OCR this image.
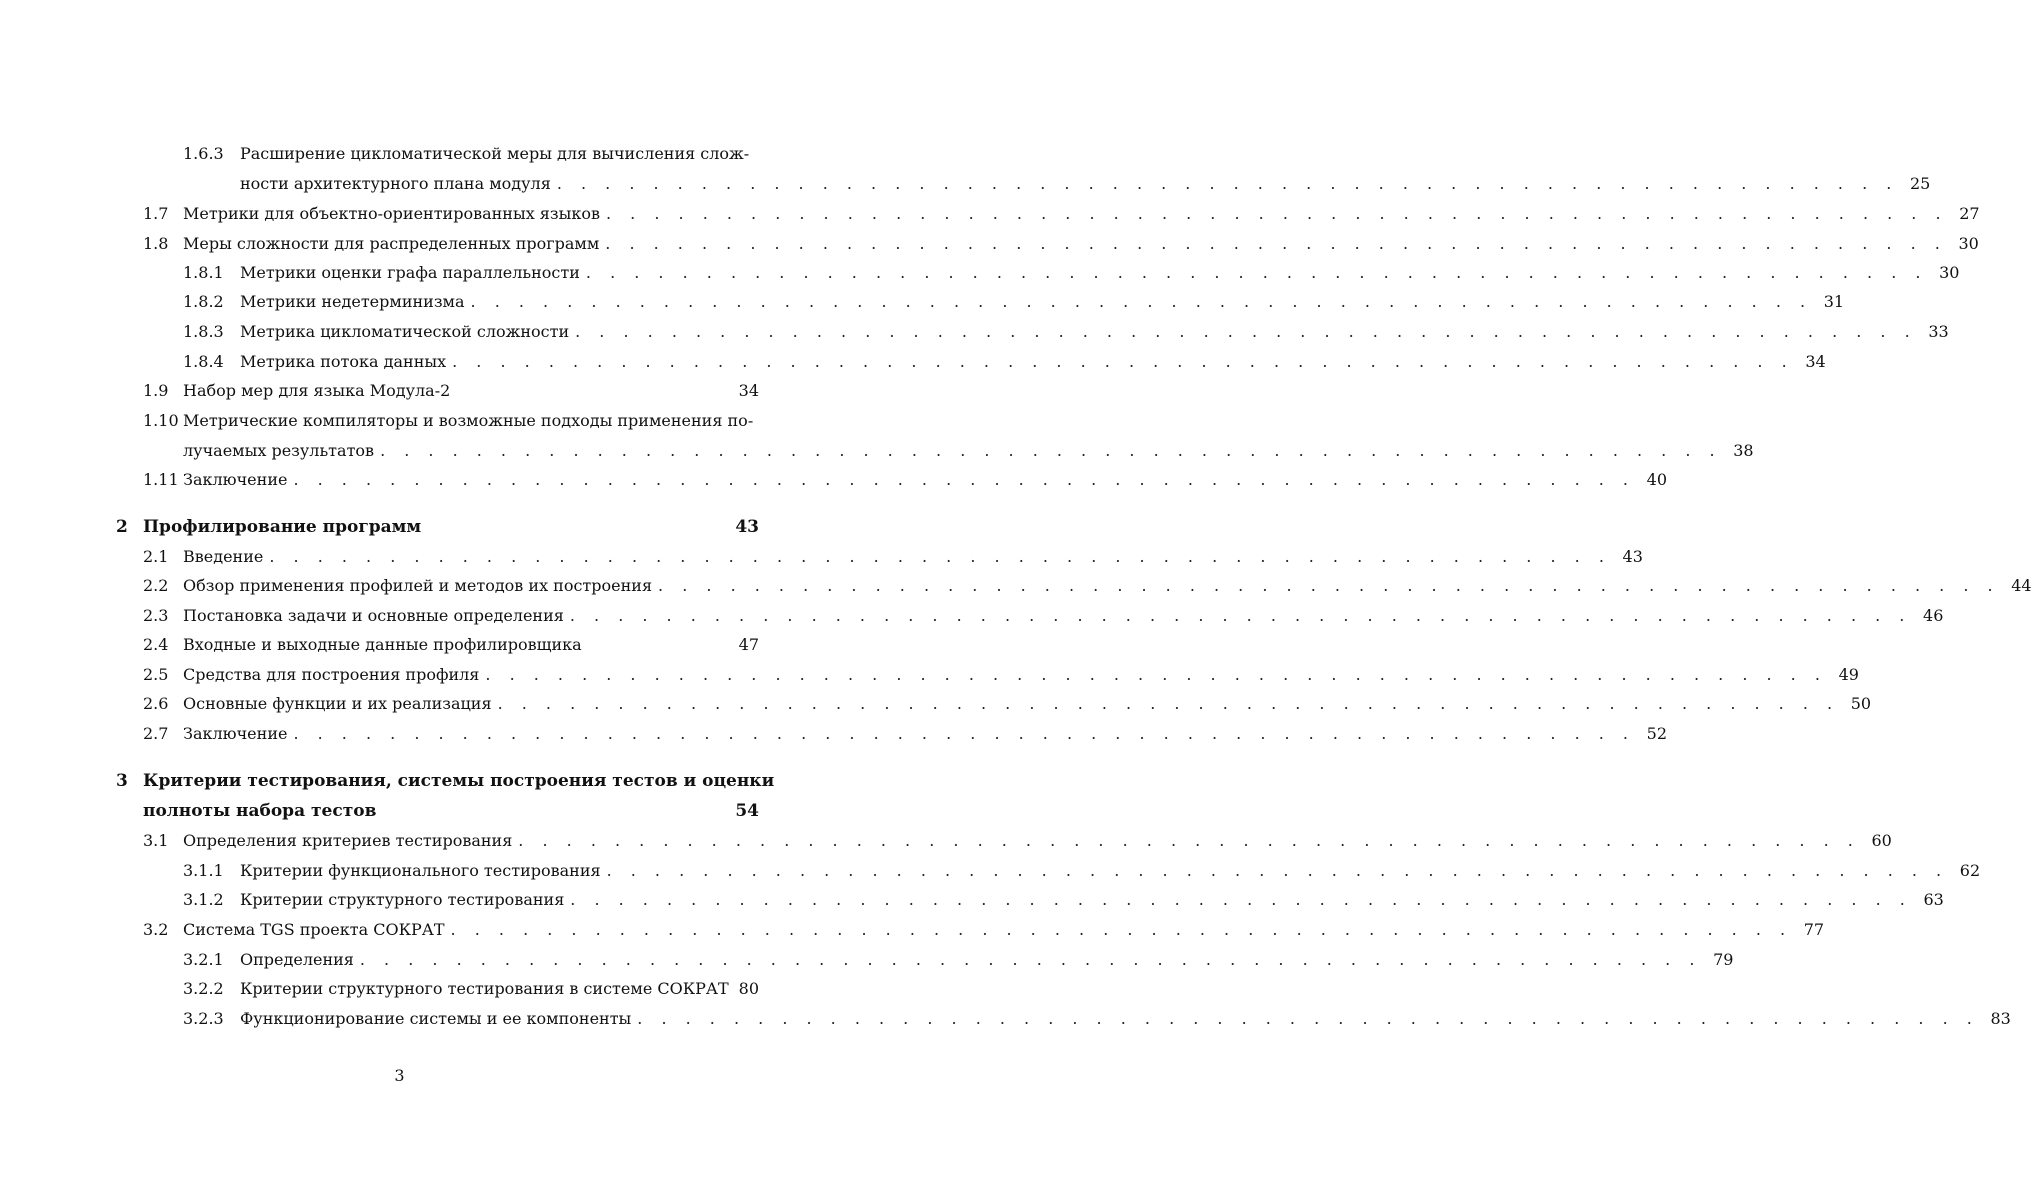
1.6.3 Расширение цикломатической меры для вычисления слож-
ности архитектурного плана модуля . . . . . . . . . . . . . . . . . . . . . . . . . . . . . . . . . . . . . . . . . . . . . . . . . . . . . . . . 25
1.7 Метрики для объектно-ориентированных языков . . . . . . . . . . . . . . . . . . . . . . . . . . . . . . . . . . . . . . . . . . . . . . . . . . . . . . . . 27
1.8 Меры сложности для распределенных программ . . . . . . . . . . . . . . . . . . . . . . . . . . . . . . . . . . . . . . . . . . . . . . . . . . . . . . . . 30
1.8.1 Метрики оценки графа параллельности . . . . . . . . . . . . . . . . . . . . . . . . . . . . . . . . . . . . . . . . . . . . . . . . . . . . . . . . 30
1.8.2 Метрики недетерминизма . . . . . . . . . . . . . . . . . . . . . . . . . . . . . . . . . . . . . . . . . . . . . . . . . . . . . . . . 31
1.8.3 Метрика цикломатической сложности . . . . . . . . . . . . . . . . . . . . . . . . . . . . . . . . . . . . . . . . . . . . . . . . . . . . . . . . 33
1.8.4 Метрика потока данных . . . . . . . . . . . . . . . . . . . . . . . . . . . . . . . . . . . . . . . . . . . . . . . . . . . . . . . . 34
1.9 Набор мер для языка Модула-2	34
1.10 Метрические компиляторы и возможные подходы применения по-
лучаемых результатов . . . . . . . . . . . . . . . . . . . . . . . . . . . . . . . . . . . . . . . . . . . . . . . . . . . . . . . . 38
1.11 Заключение . . . . . . . . . . . . . . . . . . . . . . . . . . . . . . . . . . . . . . . . . . . . . . . . . . . . . . . . 40
2 Профилирование программ	43
2.1 Введение . . . . . . . . . . . . . . . . . . . . . . . . . . . . . . . . . . . . . . . . . . . . . . . . . . . . . . . . 43
2.2 Обзор применения профилей и методов их построения . . . . . . . . . . . . . . . . . . . . . . . . . . . . . . . . . . . . . . . . . . . . . . . . . . . . . . . . 44
2.3 Постановка задачи и основные определения . . . . . . . . . . . . . . . . . . . . . . . . . . . . . . . . . . . . . . . . . . . . . . . . . . . . . . . . 46
2.4 Входные и выходные данные профилировщика	47
2.5 Средства для построения профиля . . . . . . . . . . . . . . . . . . . . . . . . . . . . . . . . . . . . . . . . . . . . . . . . . . . . . . . . 49
2.6 Основные функции и их реализация . . . . . . . . . . . . . . . . . . . . . . . . . . . . . . . . . . . . . . . . . . . . . . . . . . . . . . . . 50
2.7 Заключение . . . . . . . . . . . . . . . . . . . . . . . . . . . . . . . . . . . . . . . . . . . . . . . . . . . . . . . . 52
3 Критерии тестирования, системы построения тестов и оценки
полноты набора тестов	54
3.1 Определения критериев тестирования . . . . . . . . . . . . . . . . . . . . . . . . . . . . . . . . . . . . . . . . . . . . . . . . . . . . . . . . 60
3.1.1 Критерии функционального тестирования . . . . . . . . . . . . . . . . . . . . . . . . . . . . . . . . . . . . . . . . . . . . . . . . . . . . . . . . 62
3.1.2 Критерии структурного тестирования . . . . . . . . . . . . . . . . . . . . . . . . . . . . . . . . . . . . . . . . . . . . . . . . . . . . . . . . 63
3.2 Система TGS проекта СОКРАТ . . . . . . . . . . . . . . . . . . . . . . . . . . . . . . . . . . . . . . . . . . . . . . . . . . . . . . . . 77
3.2.1 Определения . . . . . . . . . . . . . . . . . . . . . . . . . . . . . . . . . . . . . . . . . . . . . . . . . . . . . . . . 79
3.2.2 Критерии структурного тестирования в системе СОКРАТ 80
3.2.3 Функционирование системы и ее компоненты . . . . . . . . . . . . . . . . . . . . . . . . . . . . . . . . . . . . . . . . . . . . . . . . . . . . . . . . 83
3
